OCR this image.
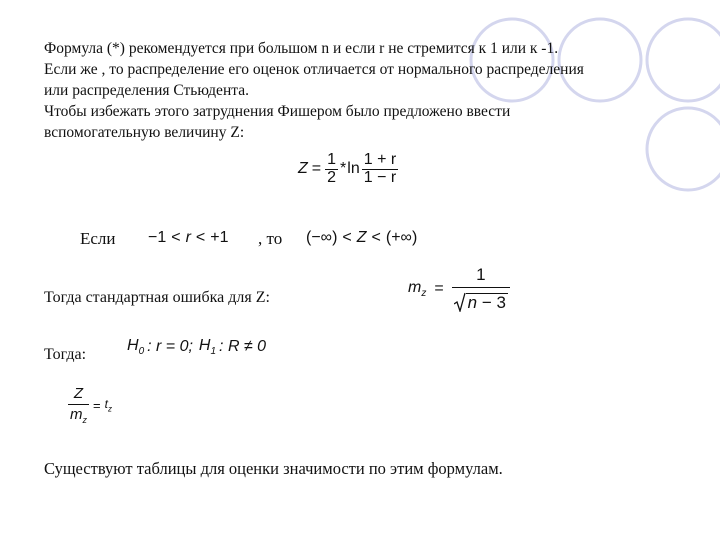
Формула (*) рекомендуется при большом n и если r не стремится к 1 или к -1.
Если же , то распределение его оценок отличается от нормального распределения
или распределения Стьюдента.
Чтобы избежать этого затруднения Фишером было предложено ввести
вспомогательную величину Z:
$Z = \frac{1}{2} * \ln \frac{1 + r}{1 - r}$
Если −1 < r < +1 , то (−∞) < Z < (+∞)
Тогда стандартная ошибка для Z:
$m_z = \frac{1}{n - 3}$
Тогда:
$H_0$ : r = 0; $H_1$ : R ≠ 0
$\frac{Z}{m_z} = t_z$
Существуют таблицы для оценки значимости по этим формулам.
